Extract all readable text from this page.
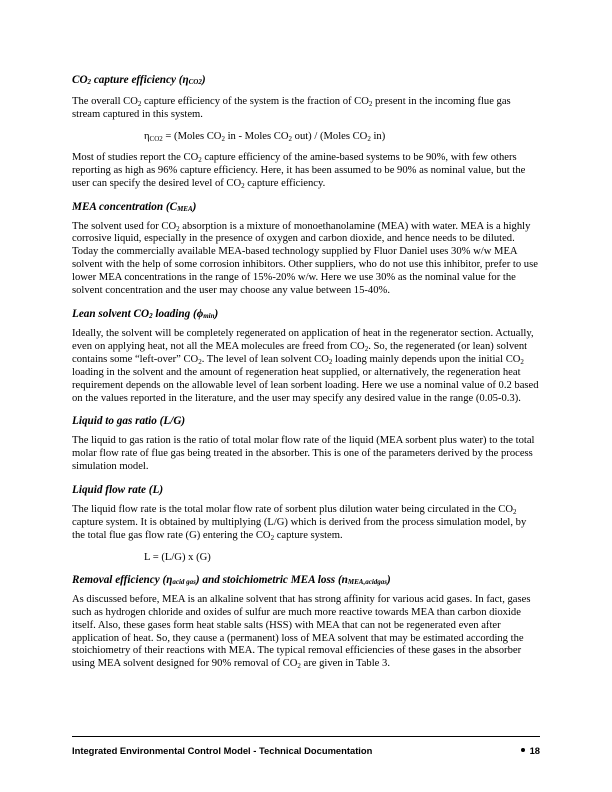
$CO_2$ capture efficiency $(\eta_{CO2})$

The overall $CO_2$ capture efficiency of the system is the fraction of $CO_2$ present in the incoming flue gas stream captured in this system.

$\eta_{CO2}$ = (Moles $CO_2$ in - Moles $CO_2$ out) / (Moles $CO_2$ in)

Most of studies report the $CO_2$ capture efficiency of the amine-based systems to be 90%, with few others reporting as high as 96% capture efficiency. Here, it has been assumed to be 90% as nominal value, but the user can specify the desired level of $CO_2$ capture efficiency.

MEA concentration $(C_{MEA})$

The solvent used for $CO_2$ absorption is a mixture of monoethanolamine (MEA) with water. MEA is a highly corrosive liquid, especially in the presence of oxygen and carbon dioxide, and hence needs to be diluted. Today the commercially available MEA-based technology supplied by Fluor Daniel uses 30% w/w MEA solvent with the help of some corrosion inhibitors. Other suppliers, who do not use this inhibitor, prefer to use lower MEA concentrations in the range of 15%-20% w/w. Here we use 30% as the nominal value for the solvent concentration and the user may choose any value between 15-40%.

Lean solvent $CO_2$ loading $(\phi_{min})$

Ideally, the solvent will be completely regenerated on application of heat in the regenerator section. Actually, even on applying heat, not all the MEA molecules are freed from $CO_2$. So, the regenerated (or lean) solvent contains some “left-over” $CO_2$. The level of lean solvent $CO_2$ loading mainly depends upon the initial $CO_2$ loading in the solvent and the amount of regeneration heat supplied, or alternatively, the regeneration heat requirement depends on the allowable level of lean sorbent loading. Here we use a nominal value of 0.2 based on the values reported in the literature, and the user may specify any desired value in the range (0.05-0.3).

Liquid to gas ratio (L/G)

The liquid to gas ration is the ratio of total molar flow rate of the liquid (MEA sorbent plus water) to the total molar flow rate of flue gas being treated in the absorber. This is one of the parameters derived by the process simulation model.

Liquid flow rate (L)

The liquid flow rate is the total molar flow rate of sorbent plus dilution water being circulated in the $CO_2$ capture system. It is obtained by multiplying (L/G) which is derived from the process simulation model, by the total flue gas flow rate (G) entering the $CO_2$ capture system.

L = (L/G) x (G)

Removal efficiency $(\eta_{acid gas})$ and stoichiometric MEA loss $(n_{MEA,acidgas})$

As discussed before, MEA is an alkaline solvent that has strong affinity for various acid gases. In fact, gases such as hydrogen chloride and oxides of sulfur are much more reactive towards MEA than carbon dioxide itself. Also, these gases form heat stable salts (HSS) with MEA that can not be regenerated even after application of heat. So, they cause a (permanent) loss of MEA solvent that may be estimated according the stoichiometry of their reactions with MEA. The typical removal efficiencies of these gases in the absorber using MEA solvent designed for 90% removal of $CO_2$ are given in Table 3.

Integrated Environmental Control Model - Technical Documentation	18
